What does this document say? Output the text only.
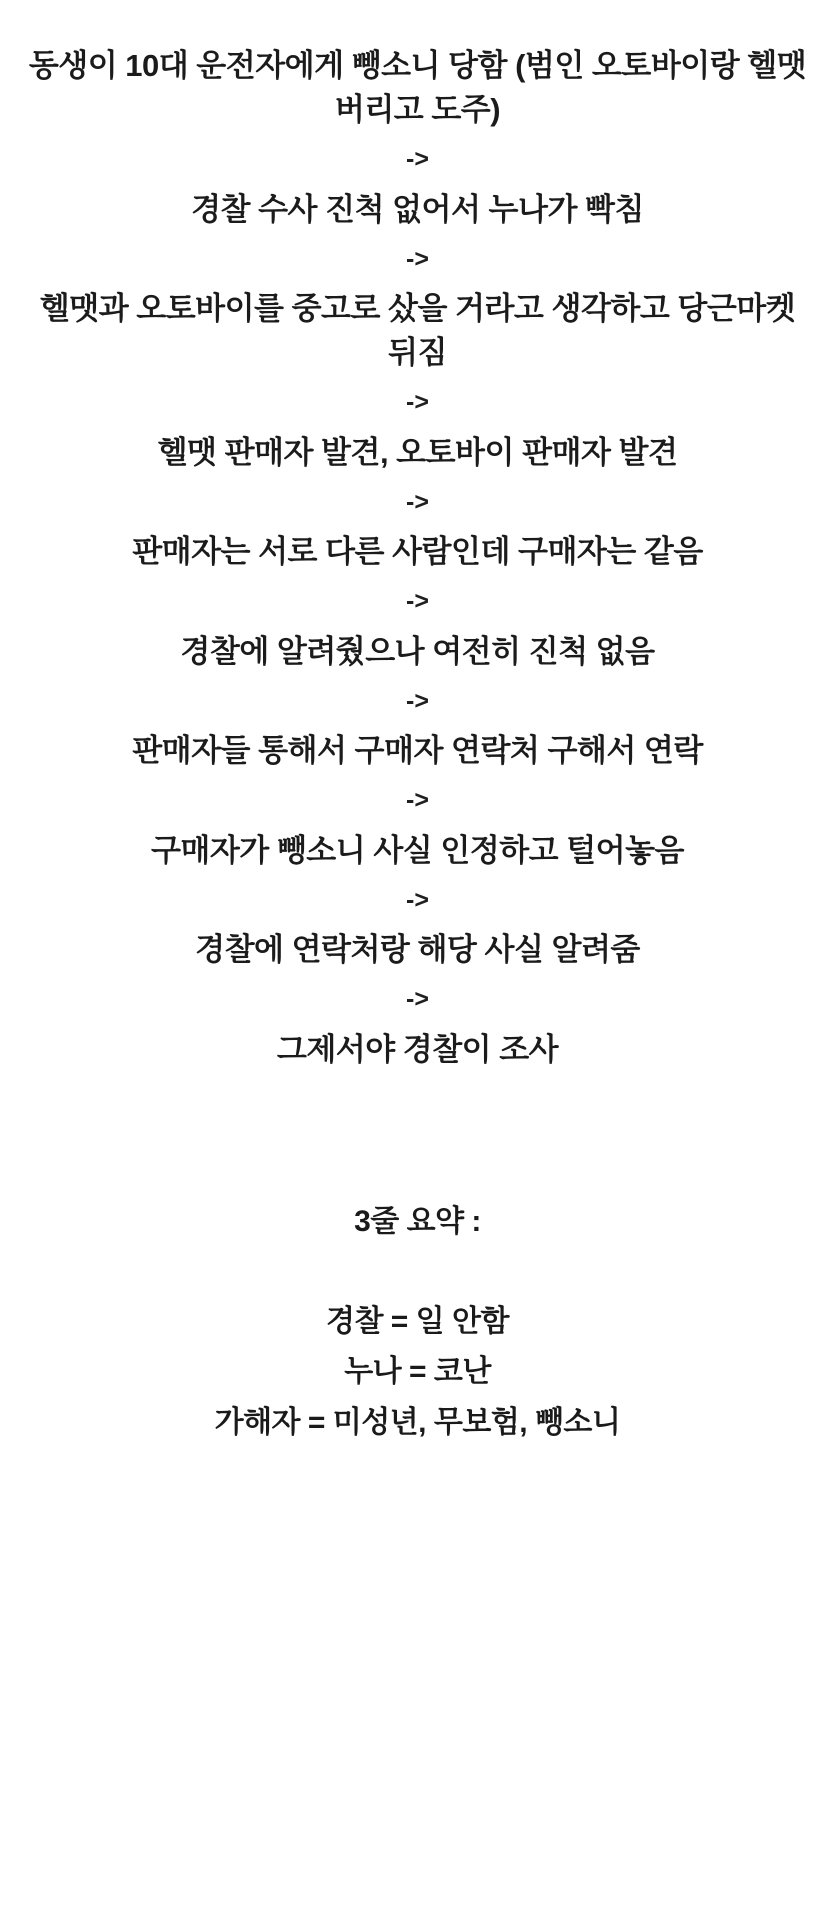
동생이 10대 운전자에게 뺑소니 당함 (범인 오토바이랑 헬맷 버리고 도주)
->
경찰 수사 진척 없어서 누나가 빡침
->
헬맷과 오토바이를 중고로 샀을 거라고 생각하고 당근마켓 뒤짐
->
헬맷 판매자 발견, 오토바이 판매자 발견
->
판매자는 서로 다른 사람인데 구매자는 같음
->
경찰에 알려줬으나 여전히 진척 없음
->
판매자들 통해서 구매자 연락처 구해서 연락
->
구매자가 뺑소니 사실 인정하고 털어놓음
->
경찰에 연락처랑 해당 사실 알려줌
->
그제서야 경찰이 조사
3줄 요약 :
경찰 = 일 안함
누나 = 코난
가해자 = 미성년, 무보험, 뺑소니
